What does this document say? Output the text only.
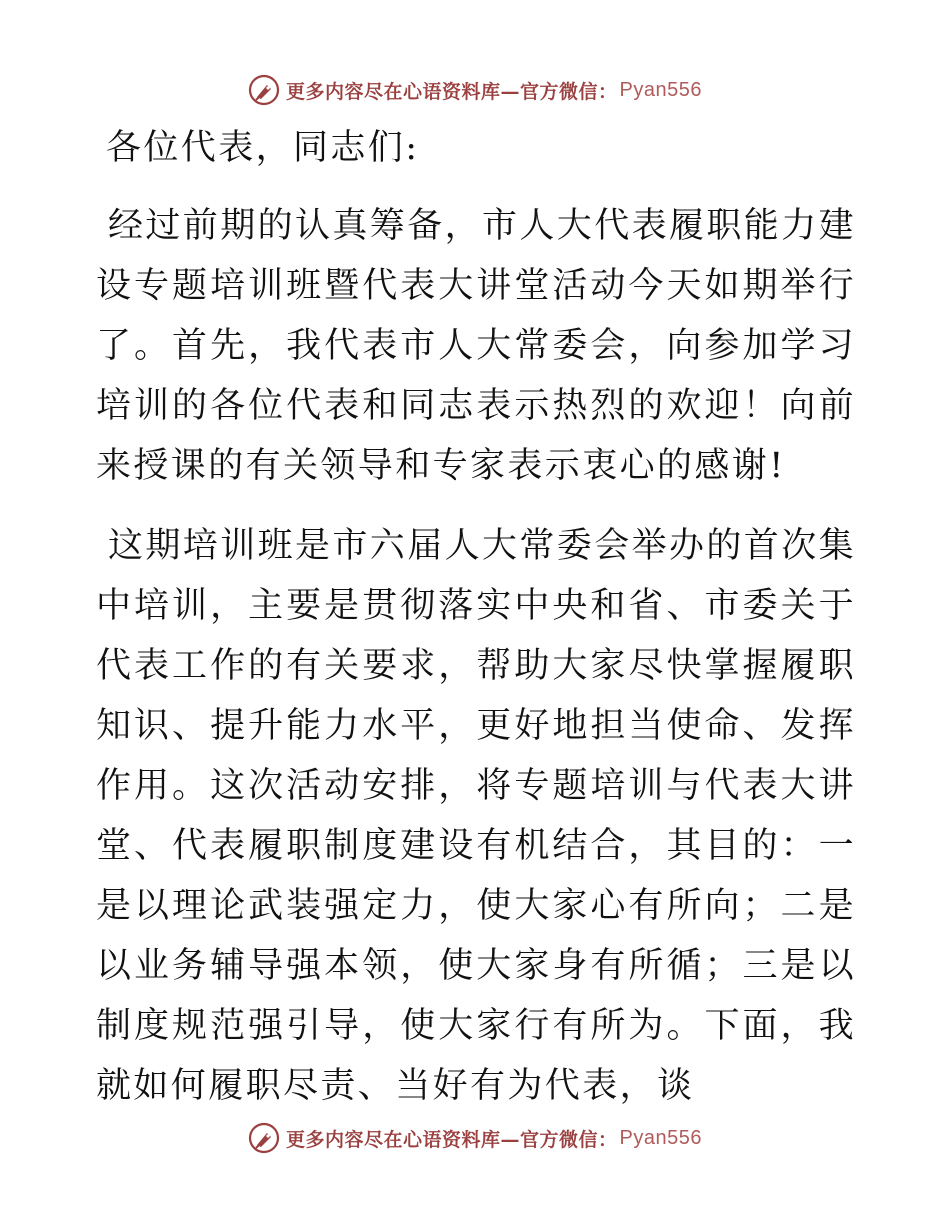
更多内容尽在心语资料库—官方微信： Pyan556

各位代表，同志们:

经过前期的认真筹备，市人大代表履职能力建设专题培训班暨代表大讲堂活动今天如期举行了。首先，我代表市人大常委会，向参加学习培训的各位代表和同志表示热烈的欢迎！向前来授课的有关领导和专家表示衷心的感谢!

这期培训班是市六届人大常委会举办的首次集中培训，主要是贯彻落实中央和省、市委关于代表工作的有关要求，帮助大家尽快掌握履职知识、提升能力水平，更好地担当使命、发挥作用。这次活动安排，将专题培训与代表大讲堂、代表履职制度建设有机结合，其目的：一是以理论武装强定力，使大家心有所向；二是以业务辅导强本领，使大家身有所循；三是以制度规范强引导，使大家行有所为。下面，我就如何履职尽责、当好有为代表，谈

更多内容尽在心语资料库—官方微信： Pyan556
